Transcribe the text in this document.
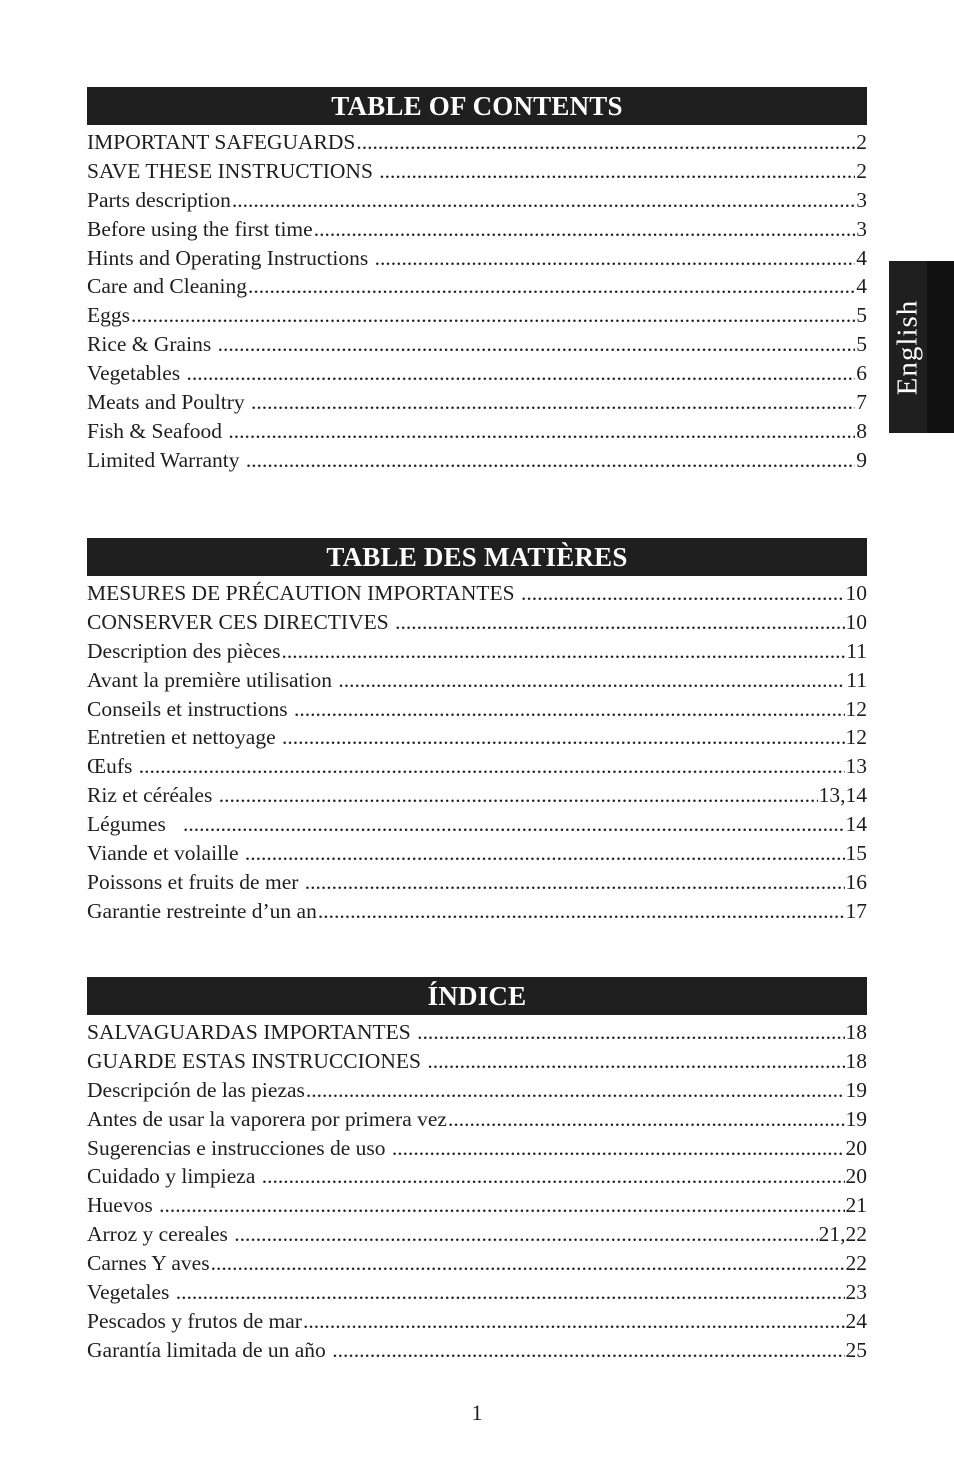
TABLE OF CONTENTS
IMPORTANT SAFEGUARDS .....	2
SAVE THESE INSTRUCTIONS .....	2
Parts description .....	3
Before using the first time .....	3
Hints and Operating Instructions .....	4
Care and Cleaning .....	4
Eggs .....	5
Rice & Grains .....	5
Vegetables .....	6
Meats and Poultry .....	7
Fish & Seafood .....	8
Limited Warranty .....	9
TABLE DES MATIÈRES
MESURES DE PRÉCAUTION IMPORTANTES .....	10
CONSERVER CES DIRECTIVES .....	10
Description des pièces .....	11
Avant la première utilisation .....	11
Conseils et instructions .....	12
Entretien et nettoyage .....	12
Œufs .....	13
Riz et céréales .....	13,14
Légumes .....	14
Viande et volaille .....	15
Poissons et fruits de mer .....	16
Garantie restreinte d’un an .....	17
ÍNDICE
SALVAGUARDAS IMPORTANTES .....	18
GUARDE ESTAS INSTRUCCIONES .....	18
Descripción de las piezas .....	19
Antes de usar la vaporera por primera vez .....	19
Sugerencias e instrucciones de uso .....	20
Cuidado y limpieza .....	20
Huevos .....	21
Arroz y cereales .....	21,22
Carnes Y aves .....	22
Vegetales .....	23
Pescados y frutos de mar .....	24
Garantía limitada de un año .....	25
English
1
